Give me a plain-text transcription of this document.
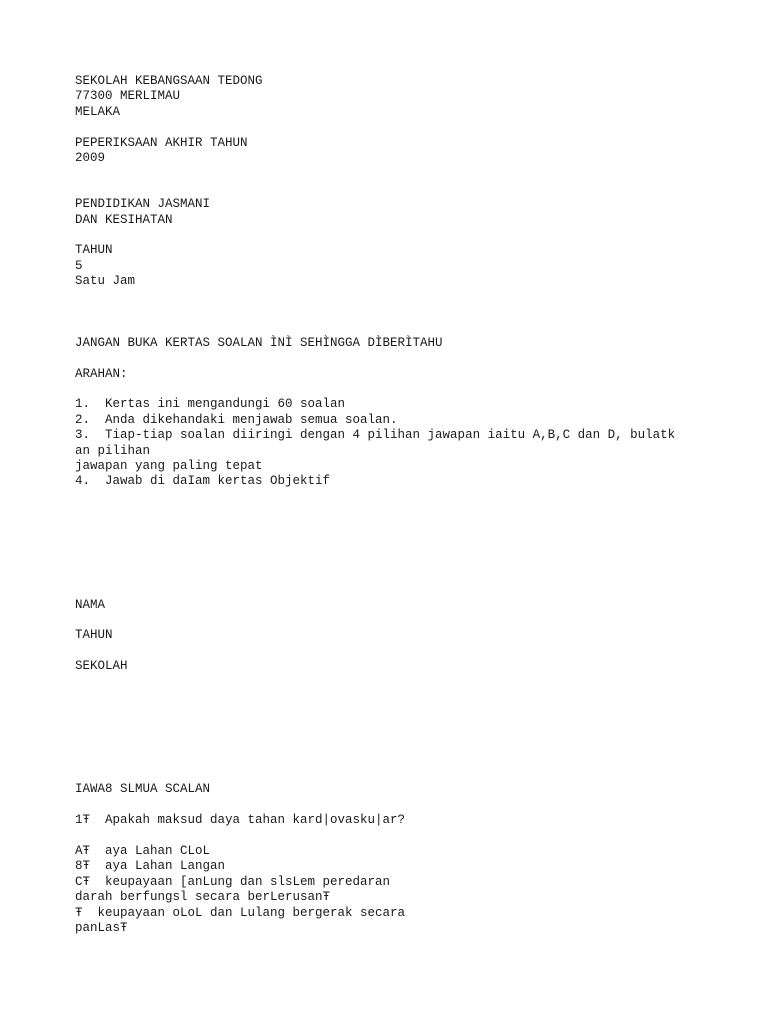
SEKOLAH KEBANGSAAN TEDONG
77300 MERLIMAU
MELAKA
PEPERIKSAAN AKHIR TAHUN
2009
PENDIDIKAN JASMANI
DAN KESIHATAN
TAHUN
5
Satu Jam
JANGAN BUKA KERTAS SOALAN ÌNÌ SEHÌNGGA DÌBERÌTAHU
ARAHAN:
1.  Kertas ini mengandungi 60 soalan
2.  Anda dikehandaki menjawab semua soalan.
3.  Tiap-tiap soalan diiringi dengan 4 pilihan jawapan iaitu A,B,C dan D, bulatk
an pilihan
jawapan yang paling tepat
4.  Jawab di daIam kertas Objektif
NAMA
TAHUN
SEKOLAH
IAWA8 SLMUA SCALAN
1Ŧ  Apakah maksud daya tahan kard|ovasku|ar?
AŦ  aya Lahan CLoL
8Ŧ  aya Lahan Langan
CŦ  keupayaan [anLung dan slsLem peredaran
darah berfungsl secara berLerusanŦ
Ŧ  keupayaan oLoL dan Lulang bergerak secara
panLasŦ
